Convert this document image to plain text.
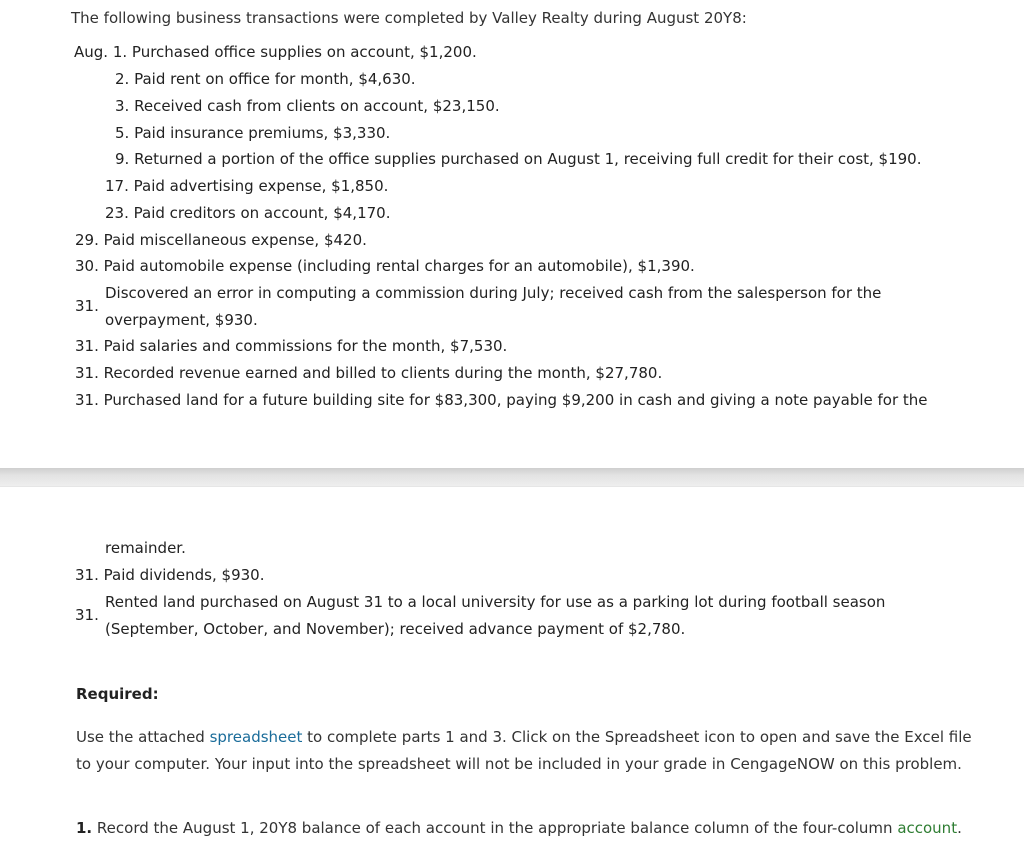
The following business transactions were completed by Valley Realty during August 20Y8:
Aug. 1. Purchased office supplies on account, $1,200.
2. Paid rent on office for month, $4,630.
3. Received cash from clients on account, $23,150.
5. Paid insurance premiums, $3,330.
9. Returned a portion of the office supplies purchased on August 1, receiving full credit for their cost, $190.
17. Paid advertising expense, $1,850.
23. Paid creditors on account, $4,170.
29. Paid miscellaneous expense, $420.
30. Paid automobile expense (including rental charges for an automobile), $1,390.
31.
Discovered an error in computing a commission during July; received cash from the salesperson for the
overpayment, $930.
31. Paid salaries and commissions for the month, $7,530.
31. Recorded revenue earned and billed to clients during the month, $27,780.
31. Purchased land for a future building site for $83,300, paying $9,200 in cash and giving a note payable for the
remainder.
31. Paid dividends, $930.
31.
Rented land purchased on August 31 to a local university for use as a parking lot during football season
(September, October, and November); received advance payment of $2,780.
Required:
Use the attached spreadsheet to complete parts 1 and 3. Click on the Spreadsheet icon to open and save the Excel file to your computer. Your input into the spreadsheet will not be included in your grade in CengageNOW on this problem.
1. Record the August 1, 20Y8 balance of each account in the appropriate balance column of the four-column account.
